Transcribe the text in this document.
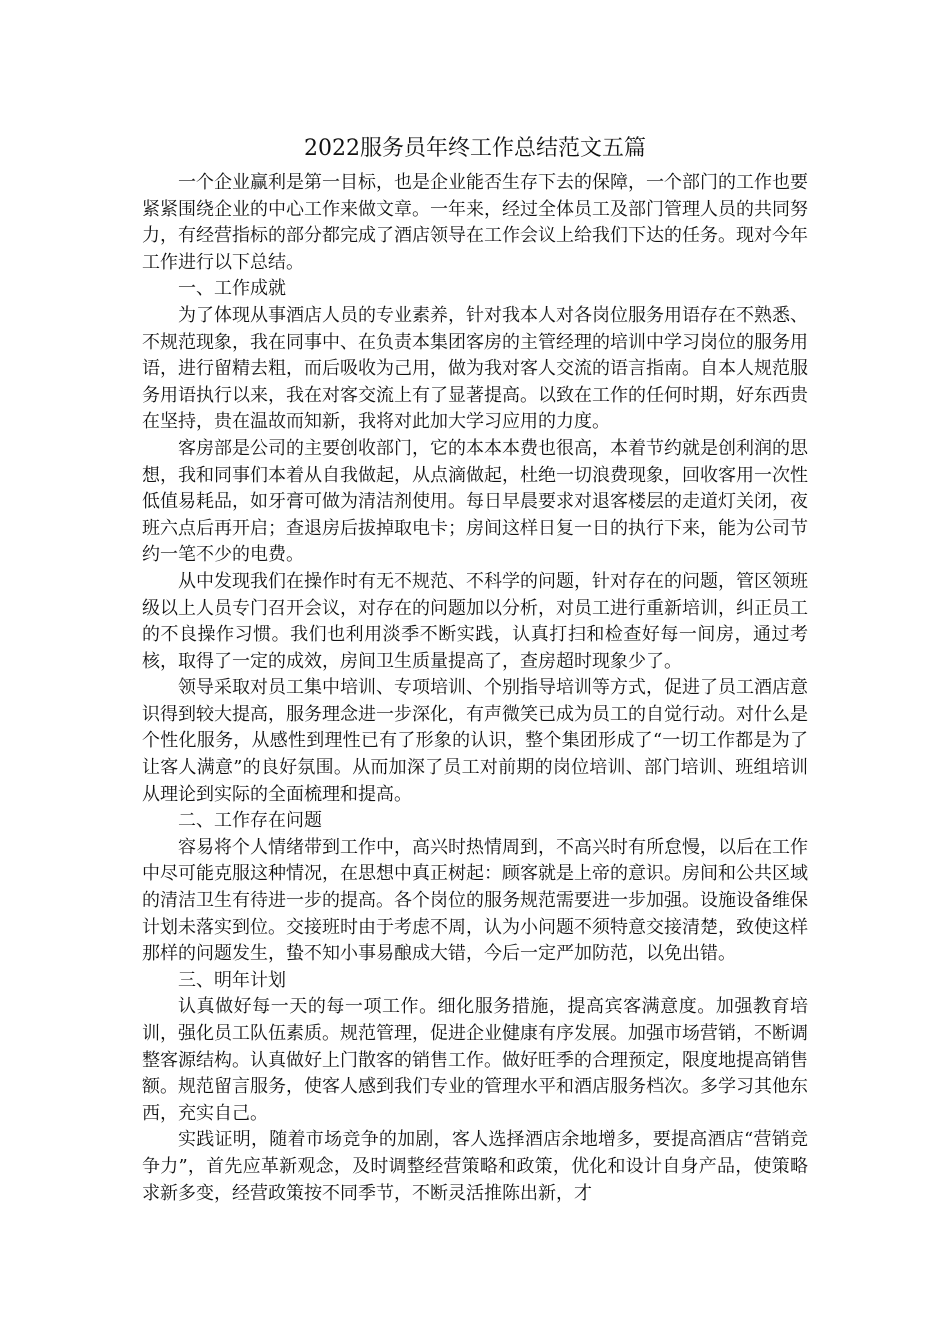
2022服务员年终工作总结范文五篇

一个企业赢利是第一目标，也是企业能否生存下去的保障，一个部门的工作也要紧紧围绕企业的中心工作来做文章。一年来，经过全体员工及部门管理人员的共同努力，有经营指标的部分都完成了酒店领导在工作会议上给我们下达的任务。现对今年工作进行以下总结。

一、工作成就

为了体现从事酒店人员的专业素养，针对我本人对各岗位服务用语存在不熟悉、不规范现象，我在同事中、在负责本集团客房的主管经理的培训中学习岗位的服务用语，进行留精去粗，而后吸收为己用，做为我对客人交流的语言指南。自本人规范服务用语执行以来，我在对客交流上有了显著提高。以致在工作的任何时期，好东西贵在坚持，贵在温故而知新，我将对此加大学习应用的力度。

客房部是公司的主要创收部门，它的本本本费也很高，本着节约就是创利润的思想，我和同事们本着从自我做起，从点滴做起，杜绝一切浪费现象，回收客用一次性低值易耗品，如牙膏可做为清洁剂使用。每日早晨要求对退客楼层的走道灯关闭，夜班六点后再开启；查退房后拔掉取电卡；房间这样日复一日的执行下来，能为公司节约一笔不少的电费。

从中发现我们在操作时有无不规范、不科学的问题，针对存在的问题，管区领班级以上人员专门召开会议，对存在的问题加以分析，对员工进行重新培训，纠正员工的不良操作习惯。我们也利用淡季不断实践，认真打扫和检查好每一间房，通过考核，取得了一定的成效，房间卫生质量提高了，查房超时现象少了。

领导采取对员工集中培训、专项培训、个别指导培训等方式，促进了员工酒店意识得到较大提高，服务理念进一步深化，有声微笑已成为员工的自觉行动。对什么是个性化服务，从感性到理性已有了形象的认识，整个集团形成了“一切工作都是为了让客人满意”的良好氛围。从而加深了员工对前期的岗位培训、部门培训、班组培训从理论到实际的全面梳理和提高。

二、工作存在问题

容易将个人情绪带到工作中，高兴时热情周到，不高兴时有所怠慢，以后在工作中尽可能克服这种情况，在思想中真正树起：顾客就是上帝的意识。房间和公共区域的清洁卫生有待进一步的提高。各个岗位的服务规范需要进一步加强。设施设备维保计划未落实到位。交接班时由于考虑不周，认为小问题不须特意交接清楚，致使这样那样的问题发生，蛰不知小事易酿成大错，今后一定严加防范，以免出错。

三、明年计划

认真做好每一天的每一项工作。细化服务措施，提高宾客满意度。加强教育培训，强化员工队伍素质。规范管理，促进企业健康有序发展。加强市场营销，不断调整客源结构。认真做好上门散客的销售工作。做好旺季的合理预定，限度地提高销售额。规范留言服务，使客人感到我们专业的管理水平和酒店服务档次。多学习其他东西，充实自己。

实践证明，随着市场竞争的加剧，客人选择酒店余地增多，要提高酒店“营销竞争力”，首先应革新观念，及时调整经营策略和政策，优化和设计自身产品，使策略求新多变，经营政策按不同季节，不断灵活推陈出新，才
